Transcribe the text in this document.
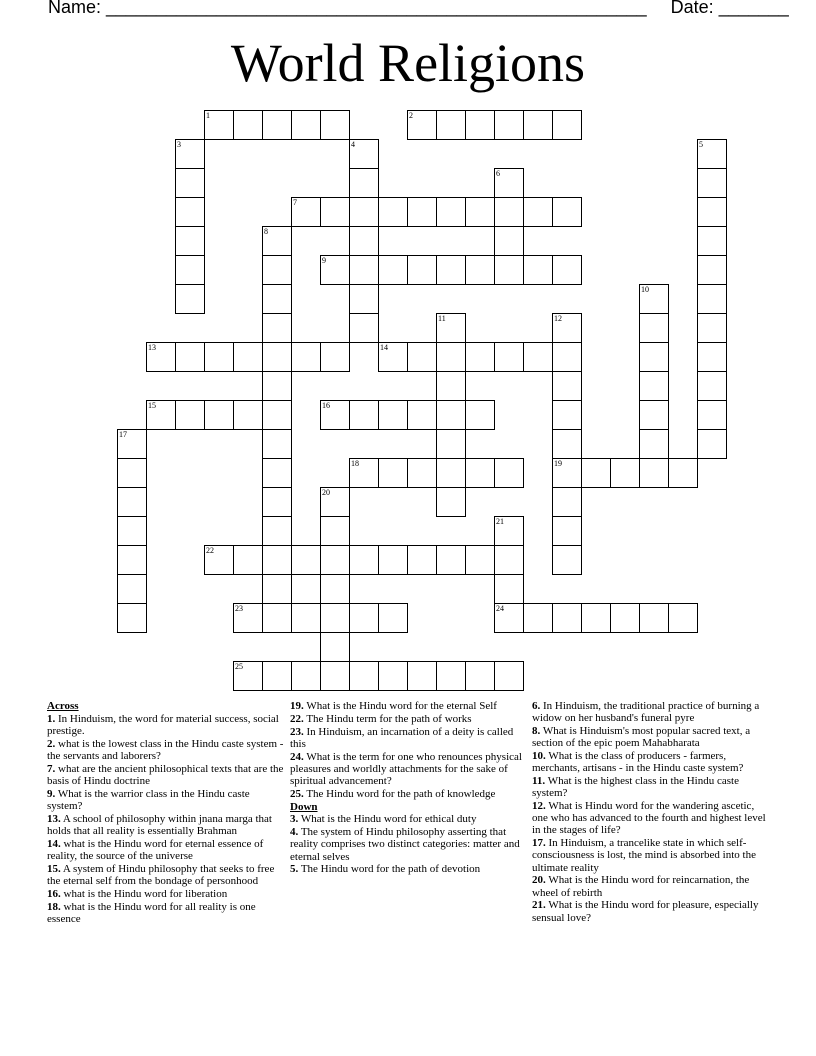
Name: ______________________________________________________ Date: _______
World Religions
1	2
3	4	5
6
7
8
9
10
11	12
19
13	14
15	16
17
18
20
21
22
23	24
25
Across
1. In Hinduism, the word for material success, social prestige.
2. what is the lowest class in the Hindu caste system - the servants and laborers?
7. what are the ancient philosophical texts that are the basis of Hindu doctrine
9. What is the warrior class in the Hindu caste system?
13. A school of philosophy within jnana marga that holds that all reality is essentially Brahman
14. what is the Hindu word for eternal essence of reality, the source of the universe
15. A system of Hindu philosophy that seeks to free the eternal self from the bondage of personhood
16. what is the Hindu word for liberation
18. what is the Hindu word for all reality is one essence
19. What is the Hindu word for the eternal Self
22. The Hindu term for the path of works
23. In Hinduism, an incarnation of a deity is called this
24. What is the term for one who renounces physical pleasures and worldly attachments for the sake of spiritual advancement?
25. The Hindu word for the path of knowledge
Down
3. What is the Hindu word for ethical duty
4. The system of Hindu philosophy asserting that reality comprises two distinct categories: matter and eternal selves
5. The Hindu word for the path of devotion
6. In Hinduism, the traditional practice of burning a widow on her husband's funeral pyre
8. What is Hinduism's most popular sacred text, a section of the epic poem Mahabharata
10. What is the class of producers - farmers, merchants, artisans - in the Hindu caste system?
11. What is the highest class in the Hindu caste system?
12. What is Hindu word for the wandering ascetic, one who has advanced to the fourth and highest level in the stages of life?
17. In Hinduism, a trancelike state in which self-consciousness is lost, the mind is absorbed into the ultimate reality
20. What is the Hindu word for reincarnation, the wheel of rebirth
21. What is the Hindu word for pleasure, especially sensual love?
